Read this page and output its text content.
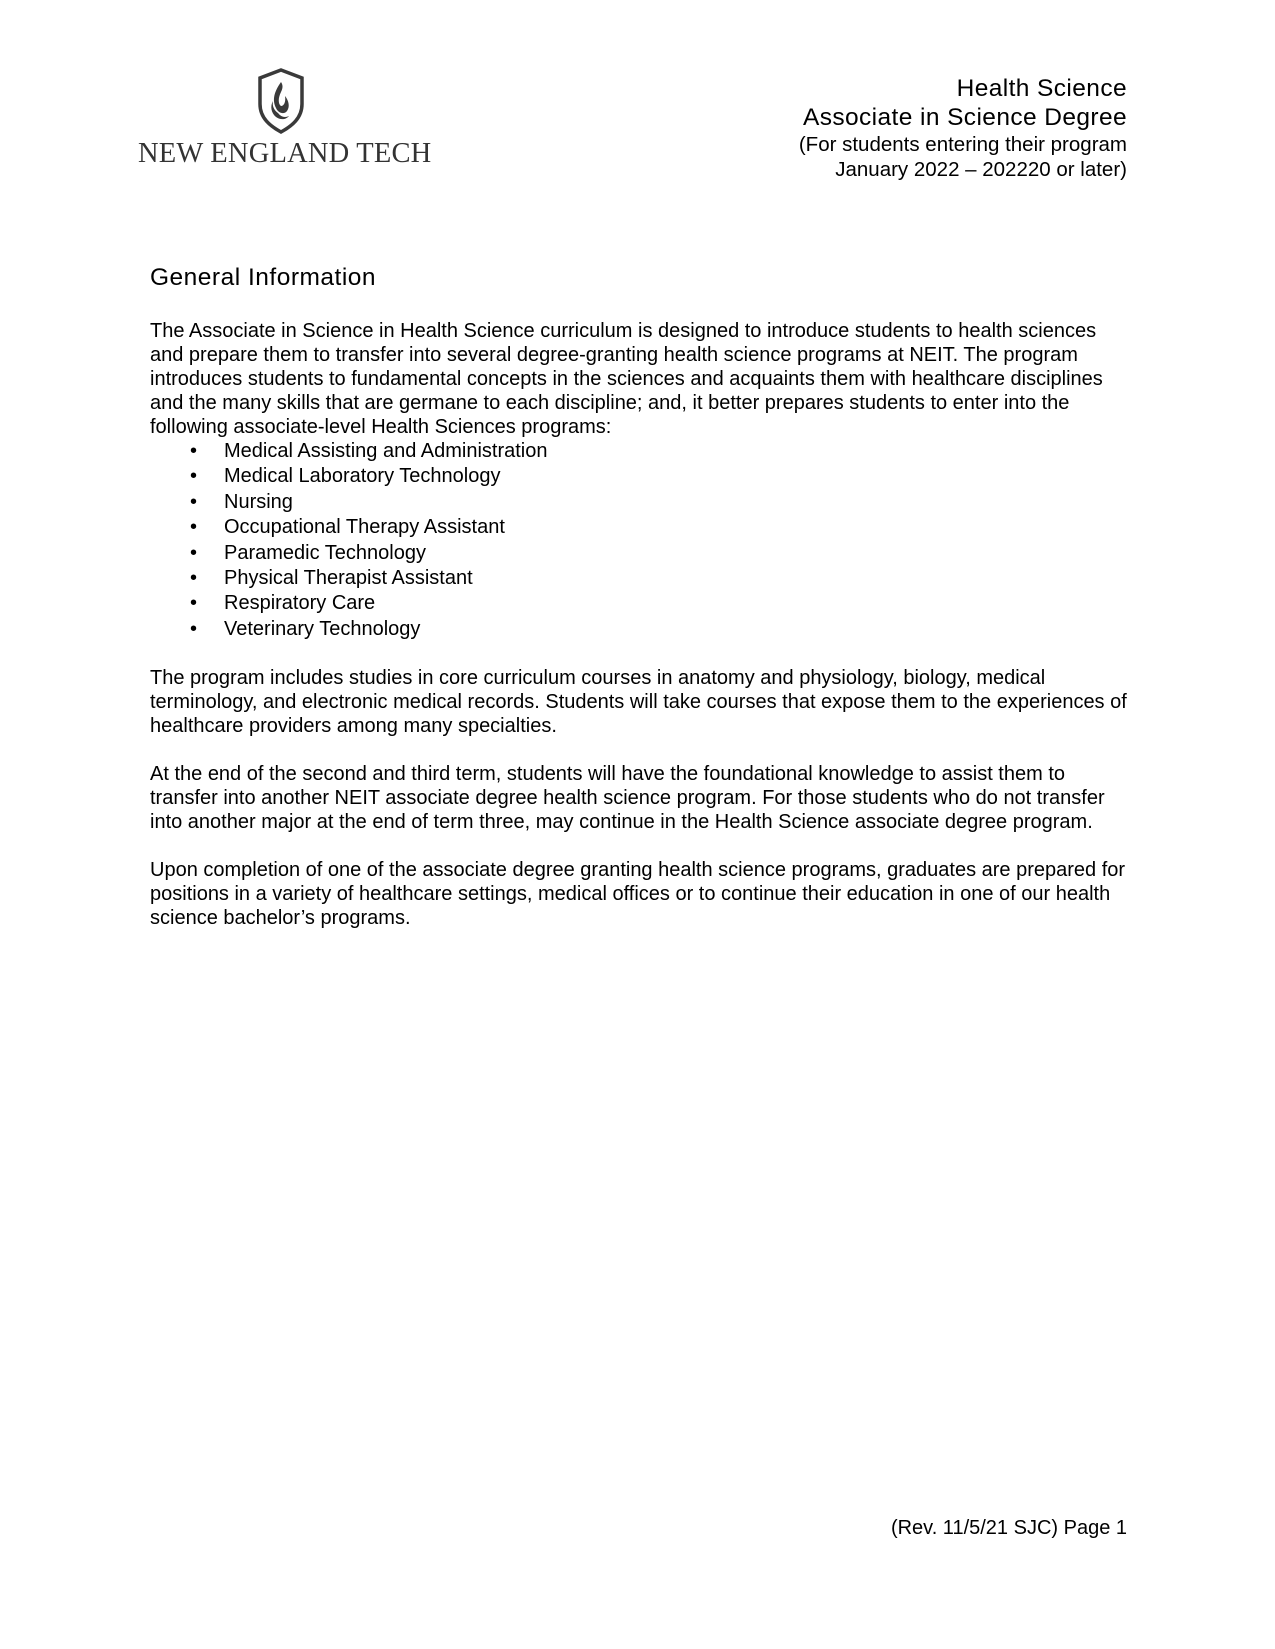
NEW ENGLAND TECH
Health Science
Associate in Science Degree
(For students entering their program
January 2022 – 202220 or later)
General Information

The Associate in Science in Health Science curriculum is designed to introduce students to health sciences and prepare them to transfer into several degree-granting health science programs at NEIT. The program introduces students to fundamental concepts in the sciences and acquaints them with healthcare disciplines and the many skills that are germane to each discipline; and, it better prepares students to enter into the following associate-level Health Sciences programs:

• Medical Assisting and Administration
• Medical Laboratory Technology
• Nursing
• Occupational Therapy Assistant
• Paramedic Technology
• Physical Therapist Assistant
• Respiratory Care
• Veterinary Technology

The program includes studies in core curriculum courses in anatomy and physiology, biology, medical terminology, and electronic medical records. Students will take courses that expose them to the experiences of healthcare providers among many specialties.

At the end of the second and third term, students will have the foundational knowledge to assist them to transfer into another NEIT associate degree health science program. For those students who do not transfer into another major at the end of term three, may continue in the Health Science associate degree program.

Upon completion of one of the associate degree granting health science programs, graduates are prepared for positions in a variety of healthcare settings, medical offices or to continue their education in one of our health science bachelor’s programs.

(Rev. 11/5/21 SJC) Page 1
